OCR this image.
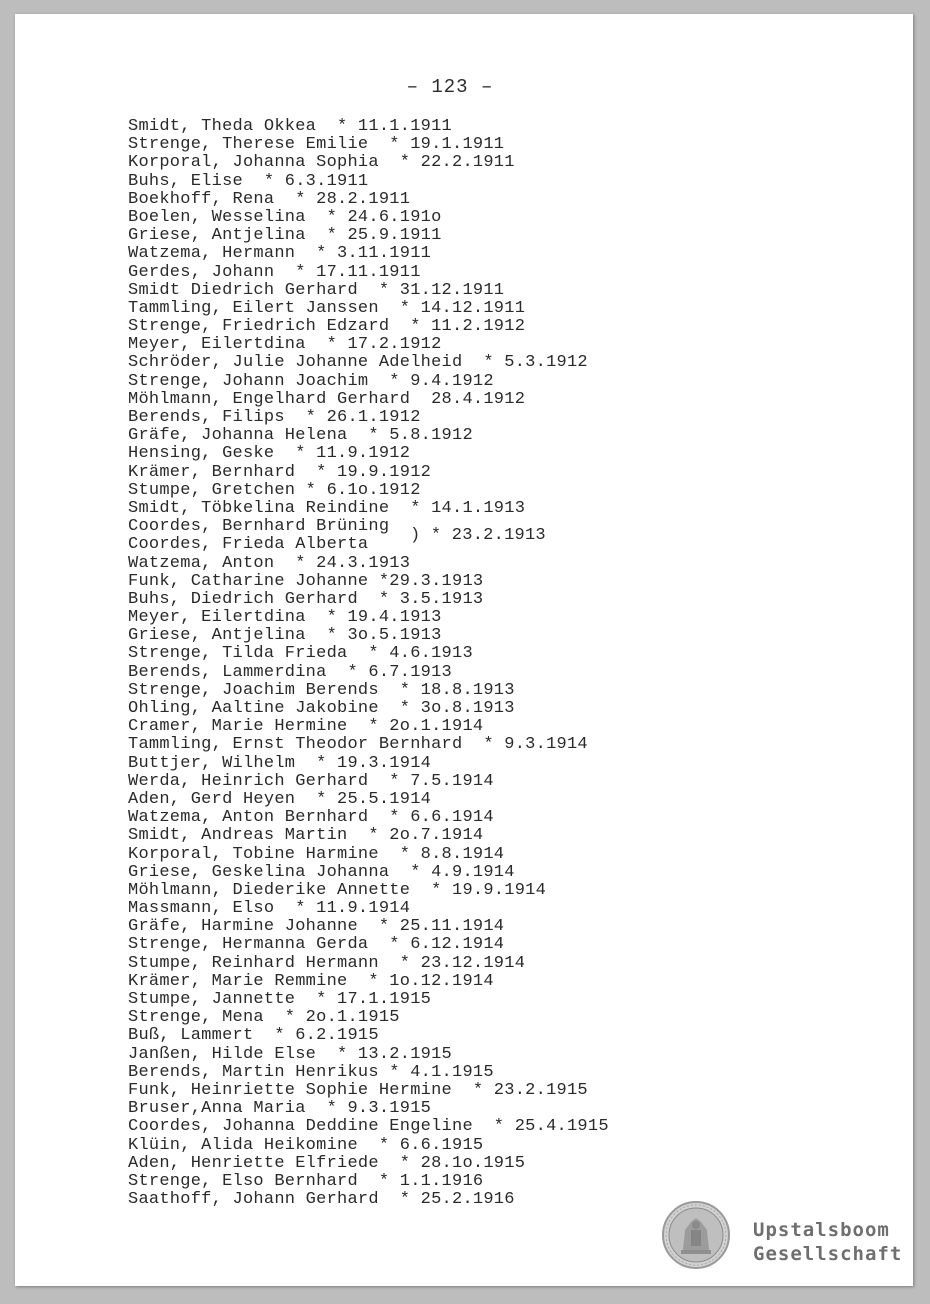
– 123 –
Smidt, Theda Okkea  * 11.1.1911
Strenge, Therese Emilie  * 19.1.1911
Korporal, Johanna Sophia  * 22.2.1911
Buhs, Elise  * 6.3.1911
Boekhoff, Rena  * 28.2.1911
Boelen, Wesselina  * 24.6.191o
Griese, Antjelina  * 25.9.1911
Watzema, Hermann  * 3.11.1911
Gerdes, Johann  * 17.11.1911
Smidt Diedrich Gerhard  * 31.12.1911
Tammling, Eilert Janssen  * 14.12.1911
Strenge, Friedrich Edzard  * 11.2.1912
Meyer, Eilertdina  * 17.2.1912
Schröder, Julie Johanne Adelheid  * 5.3.1912
Strenge, Johann Joachim  * 9.4.1912
Möhlmann, Engelhard Gerhard  28.4.1912
Berends, Filips  * 26.1.1912
Gräfe, Johanna Helena  * 5.8.1912
Hensing, Geske  * 11.9.1912
Krämer, Bernhard  * 19.9.1912
Stumpe, Gretchen * 6.1o.1912
Smidt, Töbkelina Reindine  * 14.1.1913
Coordes, Bernhard Brüning
Coordes, Frieda Alberta
Watzema, Anton  * 24.3.1913
Funk, Catharine Johanne *29.3.1913
Buhs, Diedrich Gerhard  * 3.5.1913
Meyer, Eilertdina  * 19.4.1913
Griese, Antjelina  * 3o.5.1913
Strenge, Tilda Frieda  * 4.6.1913
Berends, Lammerdina  * 6.7.1913
Strenge, Joachim Berends  * 18.8.1913
Ohling, Aaltine Jakobine  * 3o.8.1913
Cramer, Marie Hermine  * 2o.1.1914
Tammling, Ernst Theodor Bernhard  * 9.3.1914
Buttjer, Wilhelm  * 19.3.1914
Werda, Heinrich Gerhard  * 7.5.1914
Aden, Gerd Heyen  * 25.5.1914
Watzema, Anton Bernhard  * 6.6.1914
Smidt, Andreas Martin  * 2o.7.1914
Korporal, Tobine Harmine  * 8.8.1914
Griese, Geskelina Johanna  * 4.9.1914
Möhlmann, Diederike Annette  * 19.9.1914
Massmann, Elso  * 11.9.1914
Gräfe, Harmine Johanne  * 25.11.1914
Strenge, Hermanna Gerda  * 6.12.1914
Stumpe, Reinhard Hermann  * 23.12.1914
Krämer, Marie Remmine  * 1o.12.1914
Stumpe, Jannette  * 17.1.1915
Strenge, Mena  * 2o.1.1915
Buß, Lammert  * 6.2.1915
Janßen, Hilde Else  * 13.2.1915
Berends, Martin Henrikus * 4.1.1915
Funk, Heinriette Sophie Hermine  * 23.2.1915
Bruser,Anna Maria  * 9.3.1915
Coordes, Johanna Deddine Engeline  * 25.4.1915
Klüin, Alida Heikomine  * 6.6.1915
Aden, Henriette Elfriede  * 28.1o.1915
Strenge, Elso Bernhard  * 1.1.1916
Saathoff, Johann Gerhard  * 25.2.1916
) * 23.2.1913
Upstalsboom
Gesellschaft
